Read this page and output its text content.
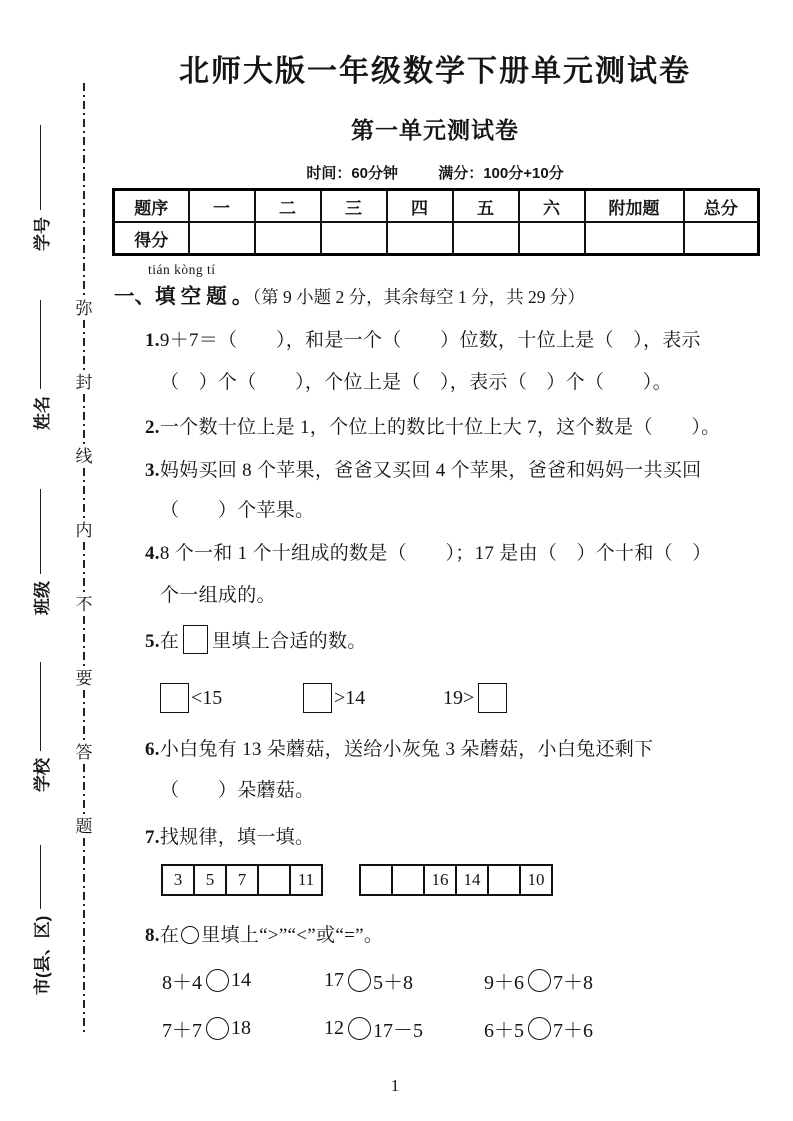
学号
姓名
班级
学校
市(县、区)
弥
封
线
内
不
要
答
题
北师大版一年级数学下册单元测试卷
第一单元测试卷
时间：60分钟	满分：100分+10分
题序	一	二	三	四	五	六	附加题	总分
得分								
tián kòng tí
一、填 空 题 。（第 9 小题 2 分，其余每空 1 分，共 29 分）
1.9＋7＝（　　），和是一个（　　）位数，十位上是（　），表示
（　）个（　　），个位上是（　），表示（　）个（　　）。
2.一个数十位上是 1，个位上的数比十位上大 7，这个数是（　　）。
3.妈妈买回 8 个苹果，爸爸又买回 4 个苹果，爸爸和妈妈一共买回
（　　）个苹果。
4.8 个一和 1 个十组成的数是（　　）；17 是由（　）个十和（　）
个一组成的。
5.在 里填上合适的数。
<15	>14	19>
6.小白兔有 13 朵蘑菇，送给小灰兔 3 朵蘑菇，小白兔还剩下
（　　）朵蘑菇。
7.找规律，填一填。
3	5	7		11
			16	14		10
8.在 里填上“>”“<”或“=”。
8＋4 14	17 5＋8	9＋6 7＋8
7＋7 18	12 17－5	6＋5 7＋6
1
